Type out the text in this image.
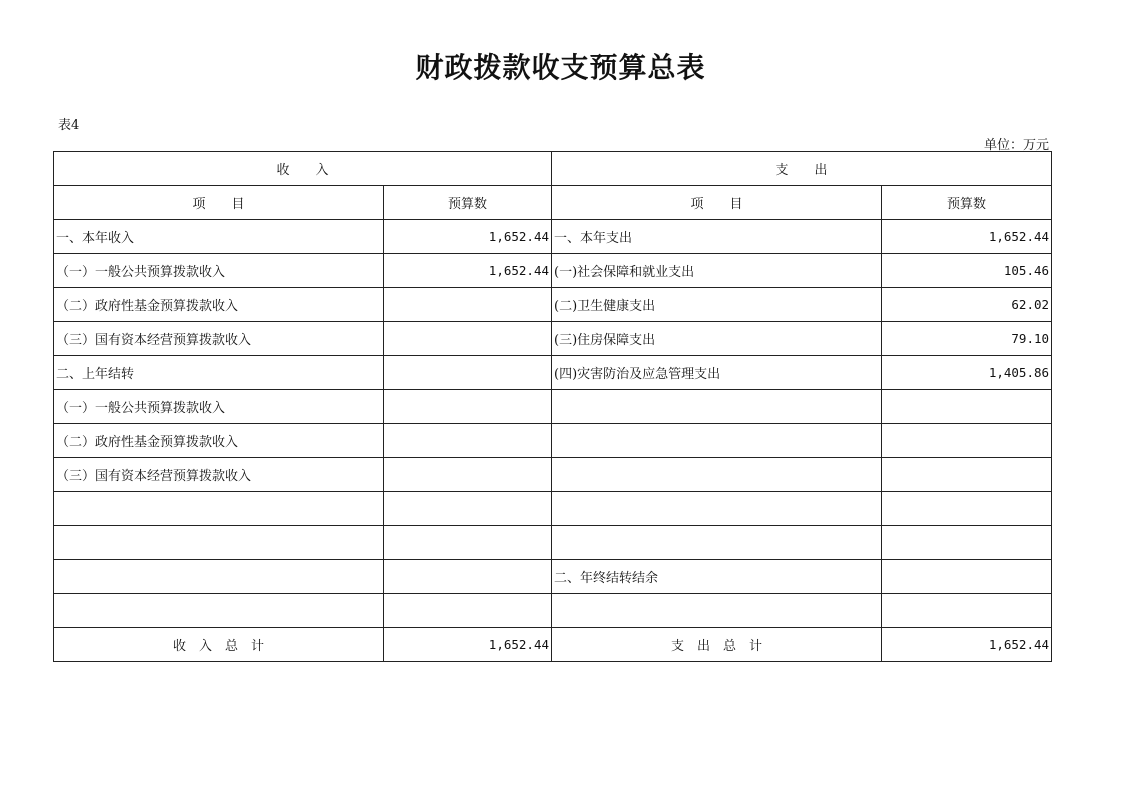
财政拨款收支预算总表
表4
单位：万元
收　　入		支　　出	
项　　目	预算数	项　　目	预算数
一、本年收入	1,652.44	一、本年支出	1,652.44
（一）一般公共预算拨款收入	1,652.44	(一)社会保障和就业支出	105.46
（二）政府性基金预算拨款收入		(二)卫生健康支出	62.02
（三）国有资本经营预算拨款收入		(三)住房保障支出	79.10
二、上年结转		(四)灾害防治及应急管理支出	1,405.86
（一）一般公共预算拨款收入			
（二）政府性基金预算拨款收入			
（三）国有资本经营预算拨款收入			

		二、年终结转结余	

收　入　总　计	1,652.44	支　出　总　计	1,652.44
